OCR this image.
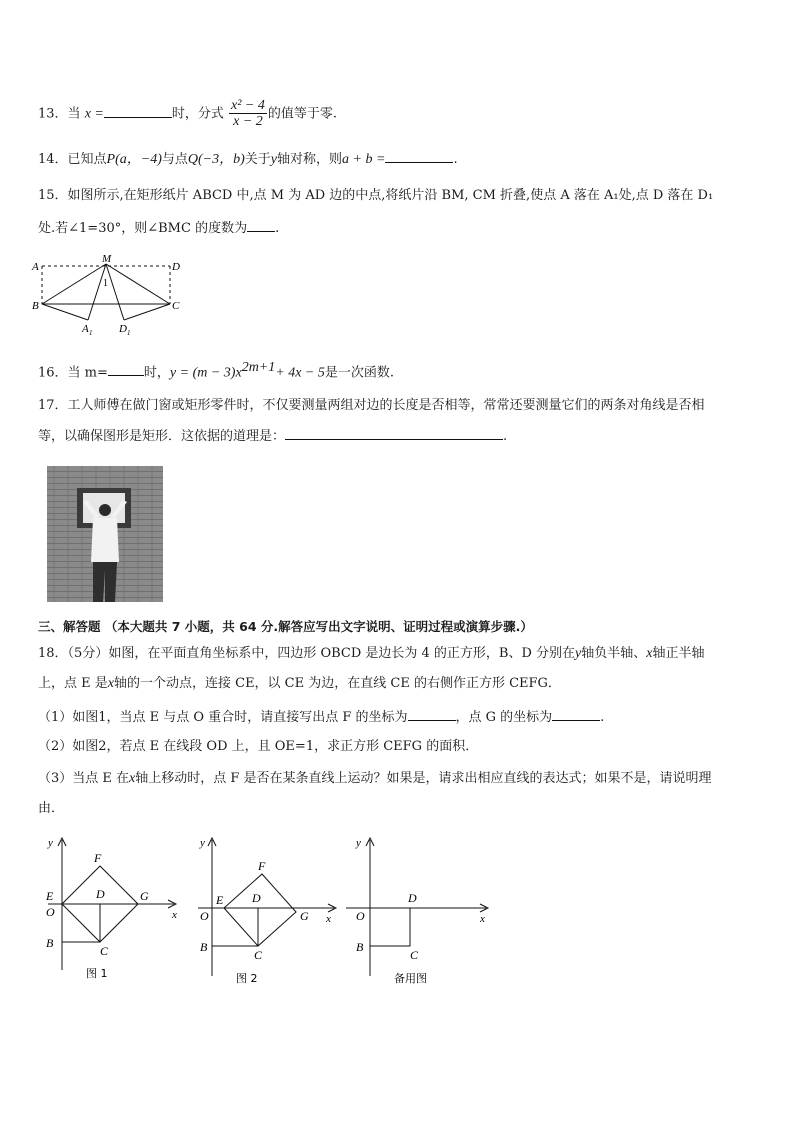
13．当 x =	时，分式 $\frac{\text{x² − 4}}{x - 2}$ 的值等于零.
14．已知点P(a，−4)与点Q(−3，b)关于y轴对称，则a + b =	.
15．如图所示,在矩形纸片 ABCD 中,点 M 为 AD 边的中点,将纸片沿 BM, CM 折叠,使点 A 落在 A₁处,点 D 落在 D₁
处.若∠1=30°，则∠BMC 的度数为 .
A
M
D
B	C
1
A 1 D 1
16．当 m=	时，$y = (m - 3)x^{2m+1}+ 4x - 5$是一次函数.
17．工人师傅在做门窗或矩形零件时，不仅要测量两组对边的长度是否相等，常常还要测量它们的两条对角线是否相
等，以确保图形是矩形．这依据的道理是：	.
三、解答题 （本大题共 7 小题，共 64 分.解答应写出文字说明、证明过程或演算步骤.）
18．（5分）如图，在平面直角坐标系中，四边形 OBCD 是边长为 4 的正方形，B、D 分别在y轴负半轴、x轴正半轴
上，点 E 是x轴的一个动点，连接 CE，以 CE 为边，在直线 CE 的右侧作正方形 CEFG．
（1）如图1，当点 E 与点 O 重合时，请直接写出点 F 的坐标为	，点 G 的坐标为	.
（2）如图2，若点 E 在线段 OD 上，且 OE=1，求正方形 CEFG 的面积．
（3）当点 E 在x轴上移动时，点 F 是否在某条直线上运动？如果是，请求出相应直线的表达式；如果不是，请说明理
由．
y
x
E
O
B
C
D
F
G
图 1
y
x
E
O
B
C
D
F
G
图 2
y
x
O
B
C
D
备用图
